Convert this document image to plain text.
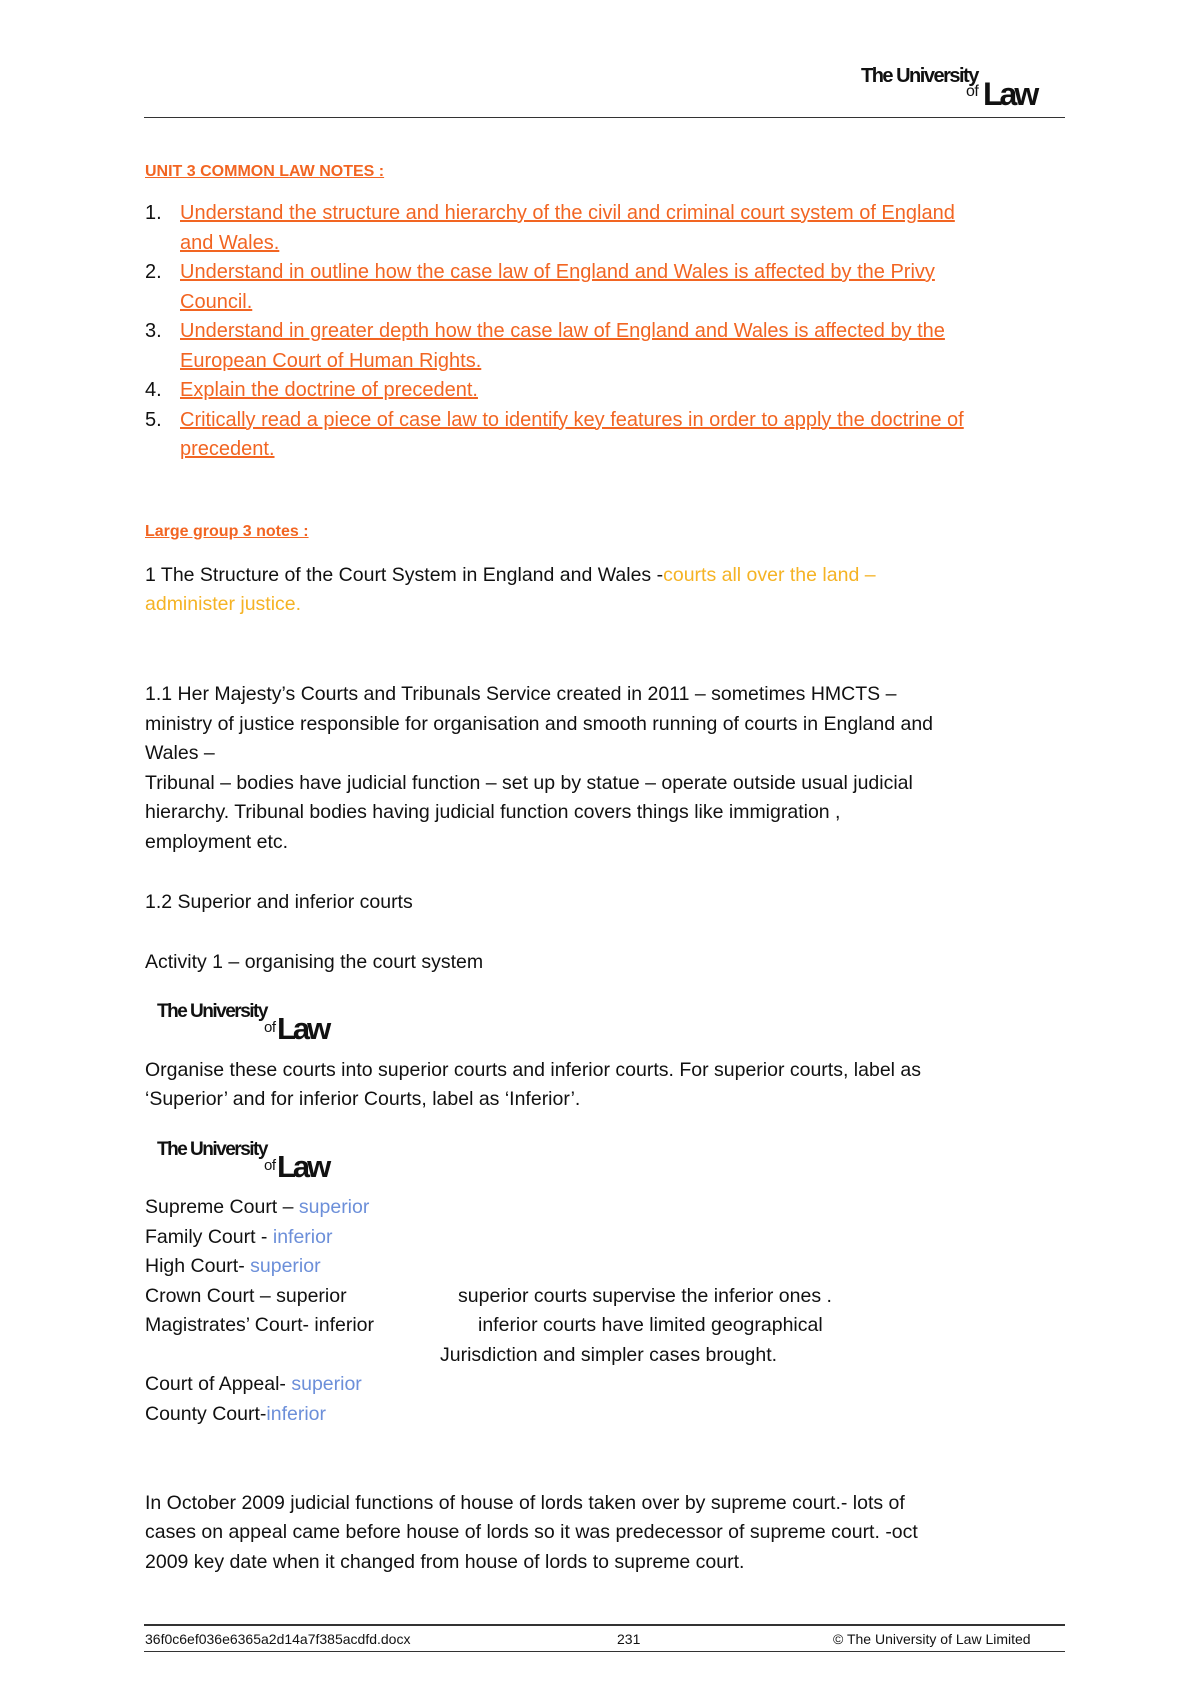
The University
of Law
UNIT 3 COMMON LAW NOTES :
1. Understand the structure and hierarchy of the civil and criminal court system of England
and Wales.
2. Understand in outline how the case law of England and Wales is affected by the Privy
Council.
3. Understand in greater depth how the case law of England and Wales is affected by the
European Court of Human Rights.
4. Explain the doctrine of precedent.
5. Critically read a piece of case law to identify key features in order to apply the doctrine of
precedent.
Large group 3 notes :
1 The Structure of the Court System in England and Wales -courts all over the land –
administer justice.
1.1 Her Majesty’s Courts and Tribunals Service created in 2011 – sometimes HMCTS –
ministry of justice responsible for organisation and smooth running of courts in England and
Wales –
Tribunal – bodies have judicial function – set up by statue – operate outside usual judicial
hierarchy. Tribunal bodies having judicial function covers things like immigration ,
employment etc.
1.2 Superior and inferior courts
Activity 1 – organising the court system
The University
of Law
Organise these courts into superior courts and inferior courts. For superior courts, label as
‘Superior’ and for inferior Courts, label as ‘Inferior’.
The University
of Law
Supreme Court – superior
Family Court - inferior
High Court- superior
Crown Court – superior
Magistrates’ Court- inferior
Court of Appeal- superior
County Court-inferior
superior courts supervise the inferior ones .
inferior courts have limited geographical
Jurisdiction and simpler cases brought.
In October 2009 judicial functions of house of lords taken over by supreme court.- lots of
cases on appeal came before house of lords so it was predecessor of supreme court. -oct
2009 key date when it changed from house of lords to supreme court.
36f0c6ef036e6365a2d14a7f385acdfd.docx	231	© The University of Law Limited
